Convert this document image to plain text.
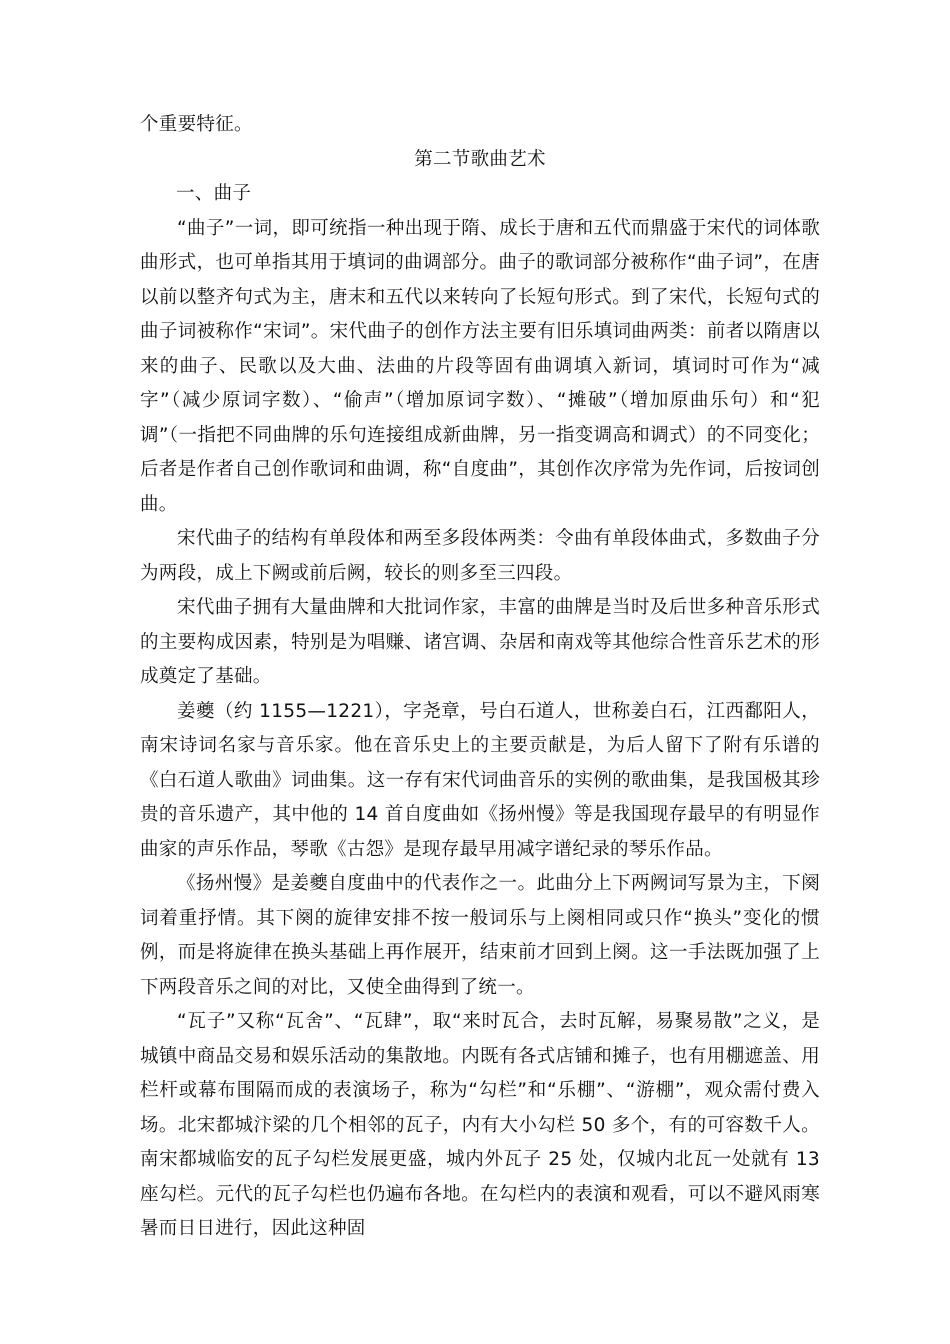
个重要特征。

第二节歌曲艺术
一、曲子

“曲子”一词，即可统指一种出现于隋、成长于唐和五代而鼎盛于宋代的词体歌曲形式，也可单指其用于填词的曲调部分。曲子的歌词部分被称作“曲子词”，在唐以前以整齐句式为主，唐末和五代以来转向了长短句形式。到了宋代，长短句式的曲子词被称作“宋词”。宋代曲子的创作方法主要有旧乐填词曲两类：前者以隋唐以来的曲子、民歌以及大曲、法曲的片段等固有曲调填入新词，填词时可作为“减字”（减少原词字数）、“偷声”（增加原词字数）、“摊破”（增加原曲乐句）和“犯调”（一指把不同曲牌的乐句连接组成新曲牌，另一指变调高和调式）的不同变化；后者是作者自己创作歌词和曲调，称“自度曲”，其创作次序常为先作词，后按词创曲。

宋代曲子的结构有单段体和两至多段体两类：令曲有单段体曲式，多数曲子分为两段，成上下阙或前后阙，较长的则多至三四段。

宋代曲子拥有大量曲牌和大批词作家，丰富的曲牌是当时及后世多种音乐形式的主要构成因素，特别是为唱赚、诸宫调、杂居和南戏等其他综合性音乐艺术的形成奠定了基础。

姜夔（约 1155—1221），字尧章，号白石道人，世称姜白石，江西鄱阳人，南宋诗词名家与音乐家。他在音乐史上的主要贡献是，为后人留下了附有乐谱的《白石道人歌曲》词曲集。这一存有宋代词曲音乐的实例的歌曲集，是我国极其珍贵的音乐遗产，其中他的 14 首自度曲如《扬州慢》等是我国现存最早的有明显作曲家的声乐作品，琴歌《古怨》是现存最早用减字谱纪录的琴乐作品。

《扬州慢》是姜夔自度曲中的代表作之一。此曲分上下两阙词写景为主，下阕词着重抒情。其下阕的旋律安排不按一般词乐与上阕相同或只作“换头”变化的惯例，而是将旋律在换头基础上再作展开，结束前才回到上阕。这一手法既加强了上下两段音乐之间的对比，又使全曲得到了统一。

“瓦子”又称“瓦舍”、“瓦肆”，取“来时瓦合，去时瓦解，易聚易散”之义，是城镇中商品交易和娱乐活动的集散地。内既有各式店铺和摊子，也有用棚遮盖、用栏杆或幕布围隔而成的表演场子，称为“勾栏”和“乐棚”、“游棚”，观众需付费入场。北宋都城汴梁的几个相邻的瓦子，内有大小勾栏 50 多个，有的可容数千人。南宋都城临安的瓦子勾栏发展更盛，城内外瓦子 25 处，仅城内北瓦一处就有 13 座勾栏。元代的瓦子勾栏也仍遍布各地。在勾栏内的表演和观看，可以不避风雨寒暑而日日进行，因此这种固
